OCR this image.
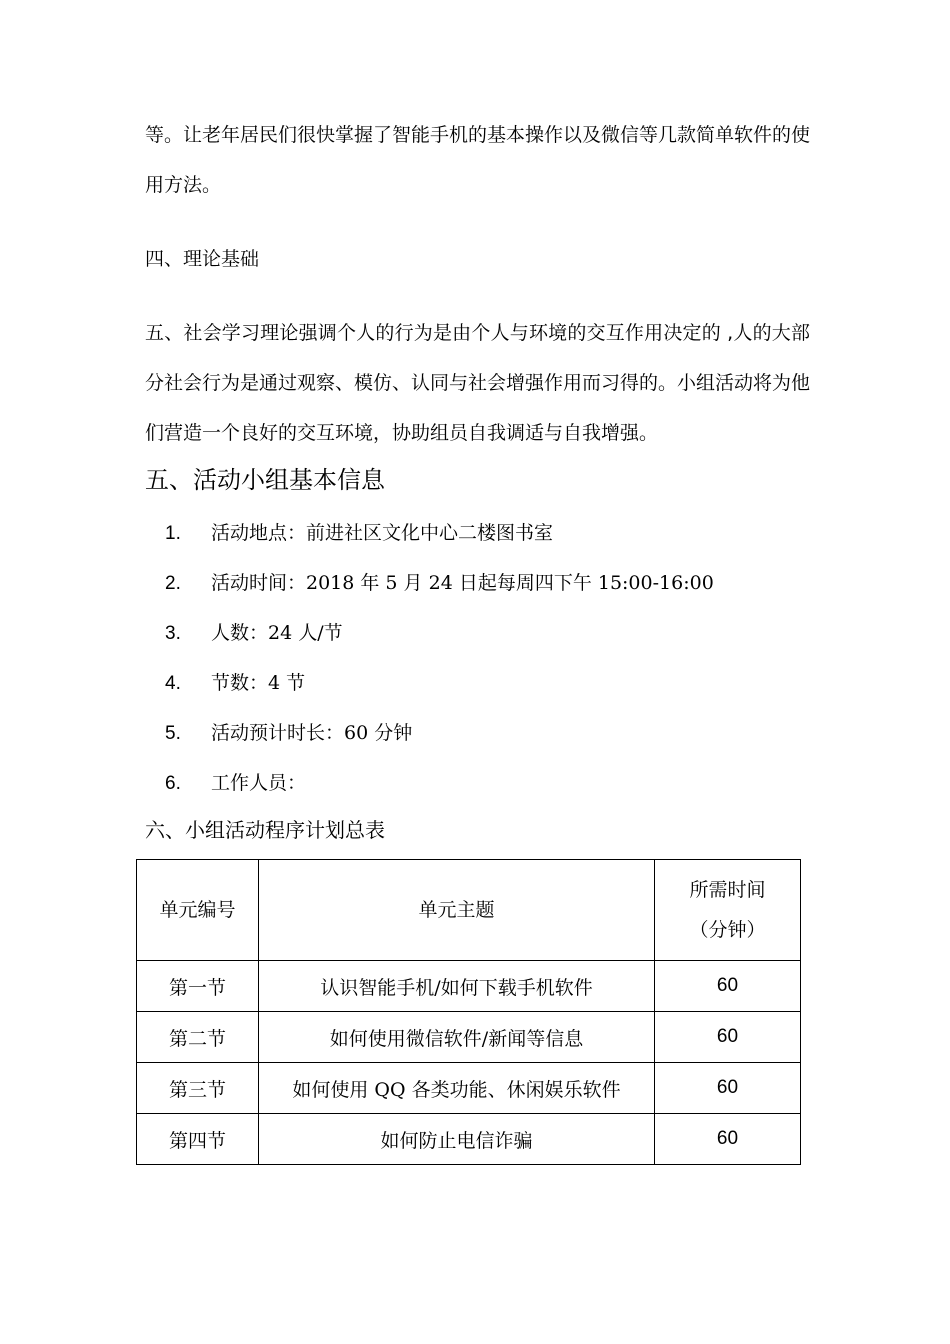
等。让老年居民们很快掌握了智能手机的基本操作以及微信等几款简单软件的使用方法。

四、理论基础

五、社会学习理论强调个人的行为是由个人与环境的交互作用决定的 ,人的大部分社会行为是通过观察、模仿、认同与社会增强作用而习得的。小组活动将为他们营造一个良好的交互环境，协助组员自我调适与自我增强。

五、活动小组基本信息
1. 活动地点：前进社区文化中心二楼图书室
2. 活动时间：2018 年 5 月 24 日起每周四下午 15:00-16:00
3. 人数：24 人/节
4. 节数：4 节
5. 活动预计时长：60 分钟
6. 工作人员：
六、小组活动程序计划总表
单元编号	单元主题	所需时间
（分钟）

第一节	认识智能手机/如何下载手机软件	60
第二节	如何使用微信软件/新闻等信息	60
第三节	如何使用 QQ 各类功能、休闲娱乐软件	60
第四节	如何防止电信诈骗	60
